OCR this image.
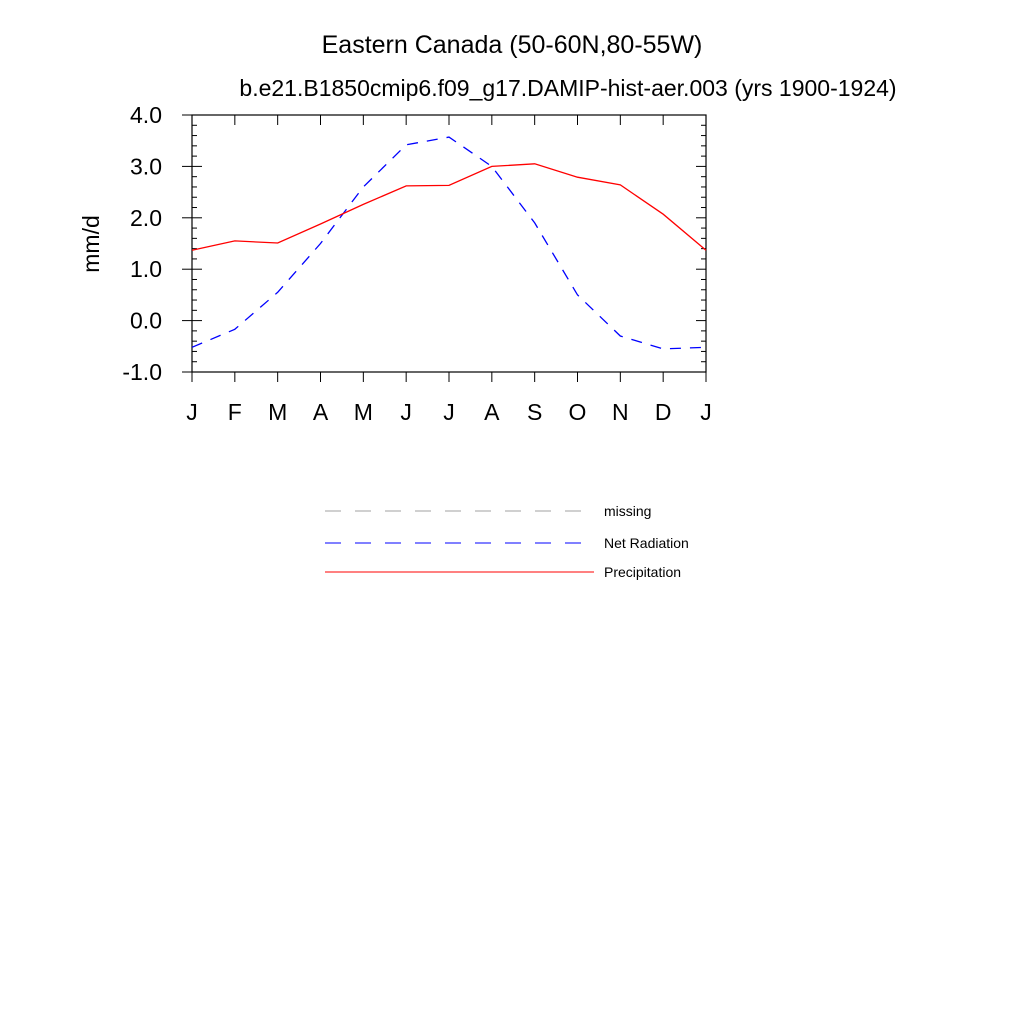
Eastern Canada (50-60N,80-55W)
b.e21.B1850cmip6.f09_g17.DAMIP-hist-aer.003 (yrs 1900-1924)
mm/d
-1.0
0.0
1.0
2.0
3.0
4.0
J F M A M J J A S O N D J
missing
Net Radiation
Precipitation
